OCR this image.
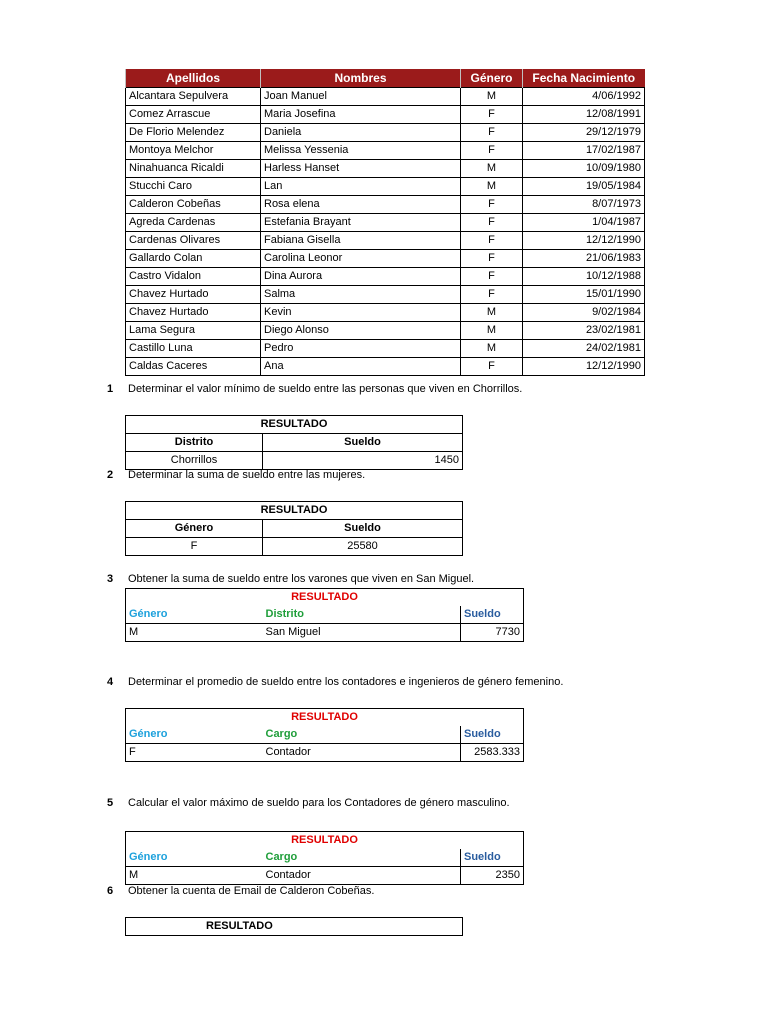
Apellidos	Nombres	Género	Fecha Nacimiento
Alcantara Sepulvera	Joan Manuel	M	4/06/1992
Comez Arrascue	Maria Josefina	F	12/08/1991
De Florio Melendez	Daniela	F	29/12/1979
Montoya Melchor	Melissa Yessenia	F	17/02/1987
Ninahuanca Ricaldi	Harless Hanset	M	10/09/1980
Stucchi Caro	Lan	M	19/05/1984
Calderon Cobeñas	Rosa elena	F	8/07/1973
Agreda Cardenas	Estefania Brayant	F	1/04/1987
Cardenas Olivares	Fabiana Gisella	F	12/12/1990
Gallardo Colan	Carolina Leonor	F	21/06/1983
Castro Vidalon	Dina Aurora	F	10/12/1988
Chavez Hurtado	Salma	F	15/01/1990
Chavez Hurtado	Kevin	M	9/02/1984
Lama Segura	Diego Alonso	M	23/02/1981
Castillo Luna	Pedro	M	24/02/1981
Caldas Caceres	Ana	F	12/12/1990
1 Determinar el valor mínimo de sueldo entre las personas que viven en Chorrillos.
RESULTADO	
Distrito	Sueldo
Chorrillos	1450
2 Determinar la suma de sueldo entre las mujeres.
RESULTADO	
Género	Sueldo
F	25580
3 Obtener la suma de sueldo entre los varones que viven en San Miguel.
RESULTADO		
Género	Distrito	Sueldo
M	San Miguel	7730
4 Determinar el promedio de sueldo entre los contadores e ingenieros de género femenino.
RESULTADO		
Género	Cargo	Sueldo
F	Contador	2583.333
5 Calcular el valor máximo de sueldo para los Contadores de género masculino.
RESULTADO		
Género	Cargo	Sueldo
M	Contador	2350
6 Obtener la cuenta de Email de Calderon Cobeñas.
RESULTADO
